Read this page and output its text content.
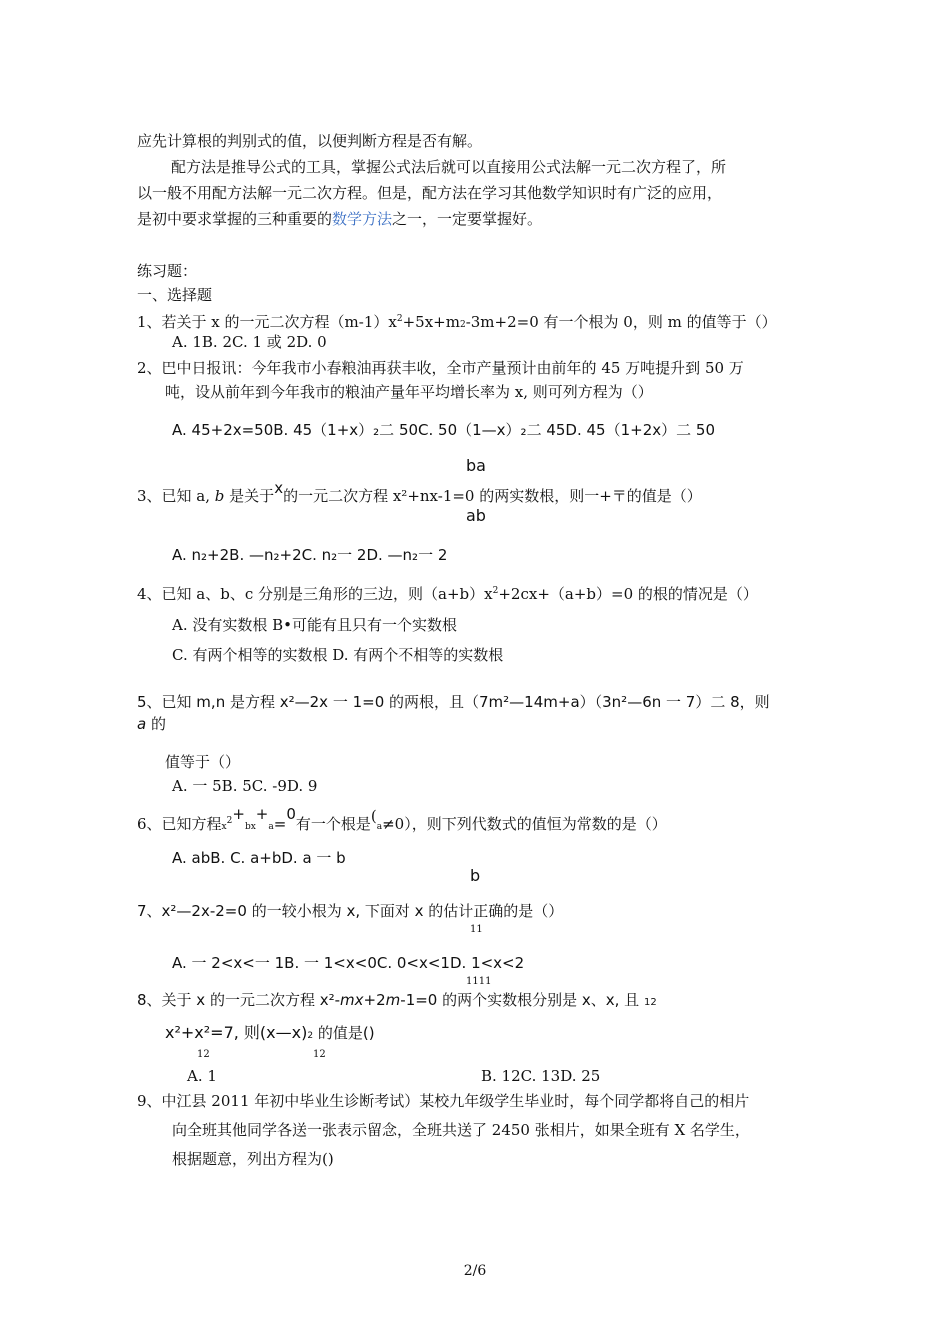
应先计算根的判别式的值，以便判断方程是否有解。
配方法是推导公式的工具，掌握公式法后就可以直接用公式法解一元二次方程了，所
以一般不用配方法解一元二次方程。但是，配方法在学习其他数学知识时有广泛的应用，
是初中要求掌握的三种重要的数学方法之一，一定要掌握好。
练习题：
一、选择题
1、若关于 x 的一元二次方程$(m-1)x^2+5x+m2-3m+2=0$ 有一个根为 0，则 m 的值等于（）
A. 1B. 2C. 1 或 2D. 0
2、巴中日报讯：今年我市小春粮油再获丰收，全市产量预计由前年的 45 万吨提升到 50 万
吨，设从前年到今年我市的粮油产量年平均增长率为 x, 则可列方程为（）
A. 45+2x=50B. 45（1+x）₂二 50C. 50（1—x）₂二 45D. 45（1+2x）二 50
ba
3、已知 a, b 是关于x的一元二次方程 x²+nx-1=0 的两实数根，则一+〒的值是（）
ab
A. n₂+2B. —n₂+2C. n₂一 2D. —n₂一 2
4、已知 a、b、c 分别是三角形的三边，则$(a+b)x^2+2cx+(a+b)=0$ 的根的情况是（）
A. 没有实数根 B•可能有且只有一个实数根
C. 有两个相等的实数根 D. 有两个不相等的实数根
5、已知 m,n 是方程 x²—2x 一 1=0 的两根，且（7m²—14m+a）（3n²—6n 一 7）二 8，则
a 的
值等于（）
A. 一 5B. 5C. -9D. 9
6、已知方程$x^2+bx+a=0$有一个根是(a≠0），则下列代数式的值恒为常数的是（）
A. abB. C. a+bD. a 一 b
b
7、x²—2x-2=0 的一较小根为 x, 下面对 x 的估计正确的是（）
11
A. 一 2<x<一 1B. 一 1<x<0C. 0<x<1D. 1<x<2
1111
8、关于 x 的一元二次方程 x²-mx+2m-1=0 的两个实数根分别是 x、x, 且 12
x²+x²=7, 则(x—x)2 的值是()
12	12
A. 1	B. 12C. 13D. 25
9、中江县 2011 年初中毕业生诊断考试）某校九年级学生毕业时，每个同学都将自己的相片
向全班其他同学各送一张表示留念，全班共送了 2450 张相片，如果全班有 X 名学生，
根据题意，列出方程为()
2/6
